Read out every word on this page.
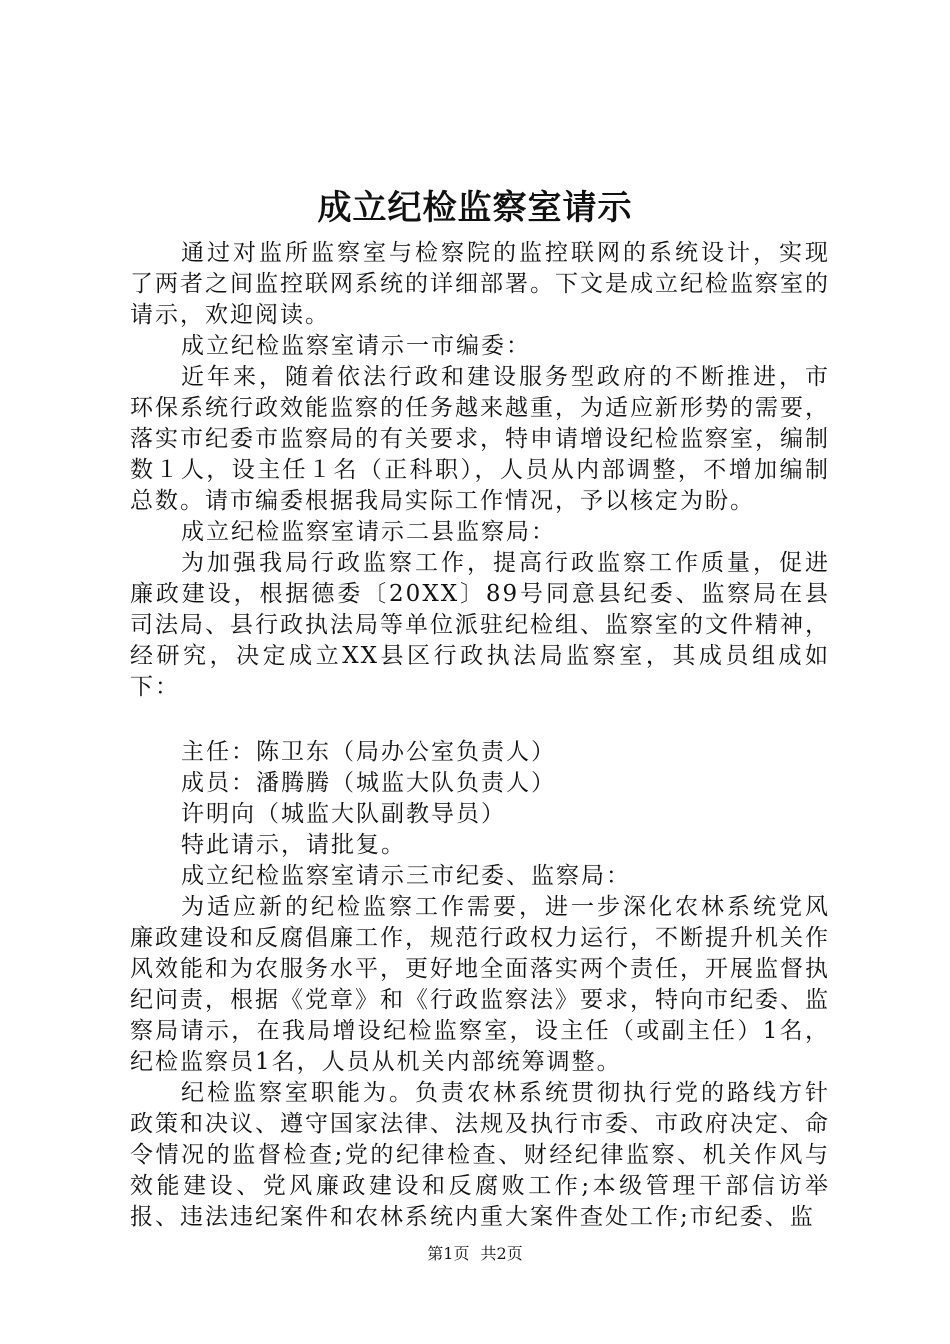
成立纪检监察室请示

通过对监所监察室与检察院的监控联网的系统设计，实现了两者之间监控联网系统的详细部署。下文是成立纪检监察室的请示，欢迎阅读。

成立纪检监察室请示一市编委：

近年来，随着依法行政和建设服务型政府的不断推进，市环保系统行政效能监察的任务越来越重，为适应新形势的需要，落实市纪委市监察局的有关要求，特申请增设纪检监察室，编制数１人，设主任１名（正科职），人员从内部调整，不增加编制总数。请市编委根据我局实际工作情况，予以核定为盼。

成立纪检监察室请示二县监察局：

为加强我局行政监察工作，提高行政监察工作质量，促进廉政建设，根据德委〔20XX〕89号同意县纪委、监察局在县司法局、县行政执法局等单位派驻纪检组、监察室的文件精神，经研究，决定成立XX县区行政执法局监察室，其成员组成如下：

主任：陈卫东（局办公室负责人）

成员：潘腾腾（城监大队负责人）

许明向（城监大队副教导员）

特此请示，请批复。

成立纪检监察室请示三市纪委、监察局：

为适应新的纪检监察工作需要，进一步深化农林系统党风廉政建设和反腐倡廉工作，规范行政权力运行，不断提升机关作风效能和为农服务水平，更好地全面落实两个责任，开展监督执纪问责，根据《党章》和《行政监察法》要求，特向市纪委、监察局请示，在我局增设纪检监察室，设主任（或副主任）1名，纪检监察员1名，人员从机关内部统筹调整。

纪检监察室职能为。负责农林系统贯彻执行党的路线方针政策和决议、遵守国家法律、法规及执行市委、市政府决定、命令情况的监督检查;党的纪律检查、财经纪律监察、机关作风与效能建设、党风廉政建设和反腐败工作;本级管理干部信访举报、违法违纪案件和农林系统内重大案件查处工作;市纪委、监

第1页 共2页
